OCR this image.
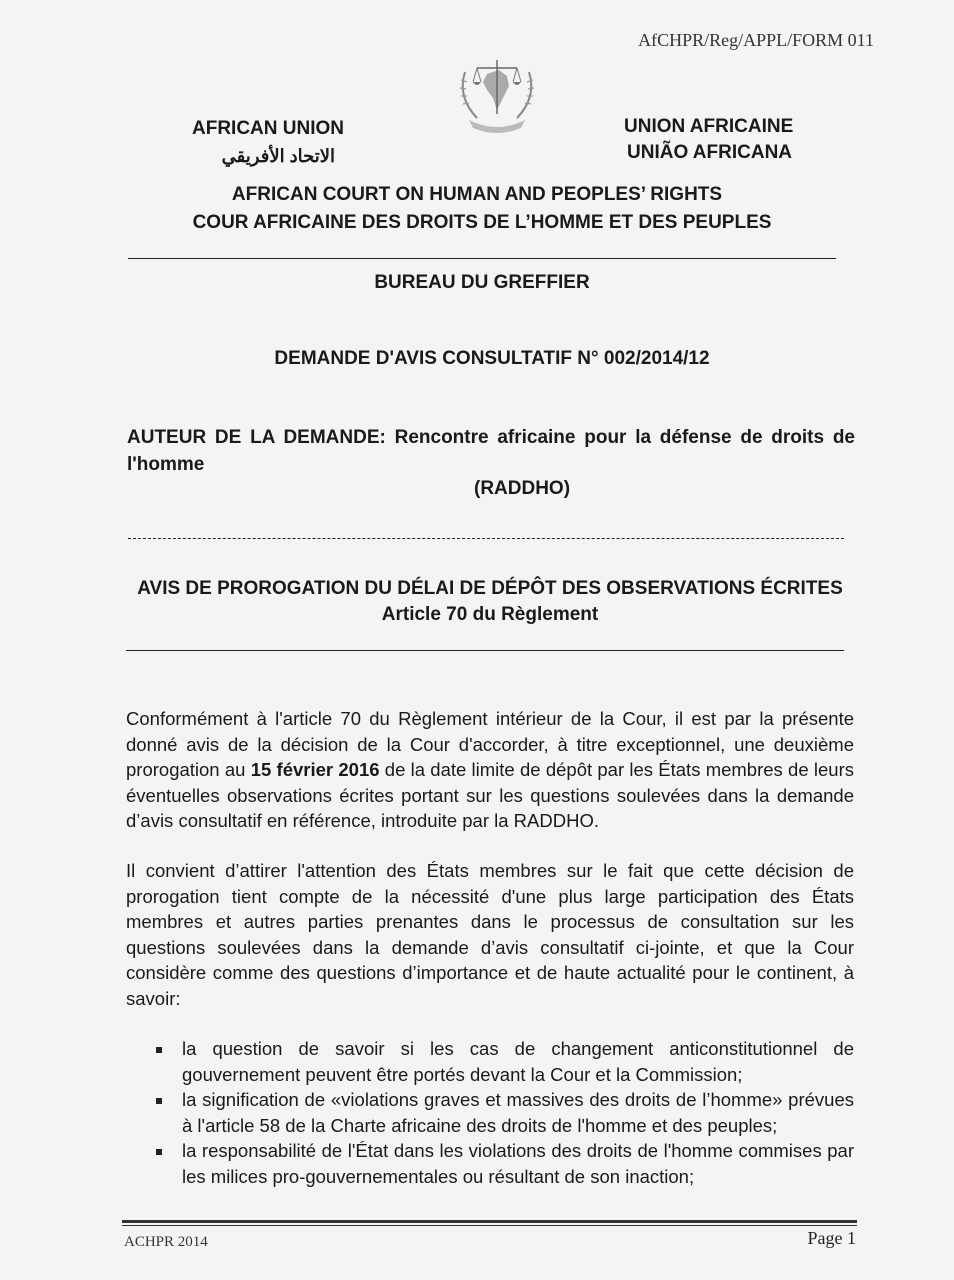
AfCHPR/Reg/APPL/FORM 011
AFRICAN UNION
الاتحاد الأفريقي
UNION AFRICAINE
UNIÃO AFRICANA
AFRICAN COURT ON HUMAN AND PEOPLES’ RIGHTS
COUR AFRICAINE DES DROITS DE L’HOMME ET DES PEUPLES
BUREAU DU GREFFIER
DEMANDE D'AVIS CONSULTATIF N° 002/2014/12
AUTEUR DE LA DEMANDE: Rencontre africaine pour la défense de droits de l'homme
(RADDHO)
AVIS DE PROROGATION DU DÉLAI DE DÉPÔT DES OBSERVATIONS ÉCRITES
Article 70 du Règlement
Conformément à l'article 70 du Règlement intérieur de la Cour, il est par la présente donné avis de la décision de la Cour d'accorder, à titre exceptionnel, une deuxième prorogation au 15 février 2016 de la date limite de dépôt par les États membres de leurs éventuelles observations écrites portant sur les questions soulevées dans la demande d’avis consultatif en référence, introduite par la RADDHO.
Il convient d’attirer l'attention des États membres sur le fait que cette décision de prorogation tient compte de la nécessité d'une plus large participation des États membres et autres parties prenantes dans le processus de consultation sur les questions soulevées dans la demande d’avis consultatif ci-jointe, et que la Cour considère comme des questions d’importance et de haute actualité pour le continent, à savoir:
la question de savoir si les cas de changement anticonstitutionnel de gouvernement peuvent être portés devant la Cour et la Commission;
la signification de «violations graves et massives des droits de l’homme» prévues à l'article 58 de la Charte africaine des droits de l'homme et des peuples;
la responsabilité de l'État dans les violations des droits de l'homme commises par les milices pro-gouvernementales ou résultant de son inaction;
ACHPR 2014	Page 1
